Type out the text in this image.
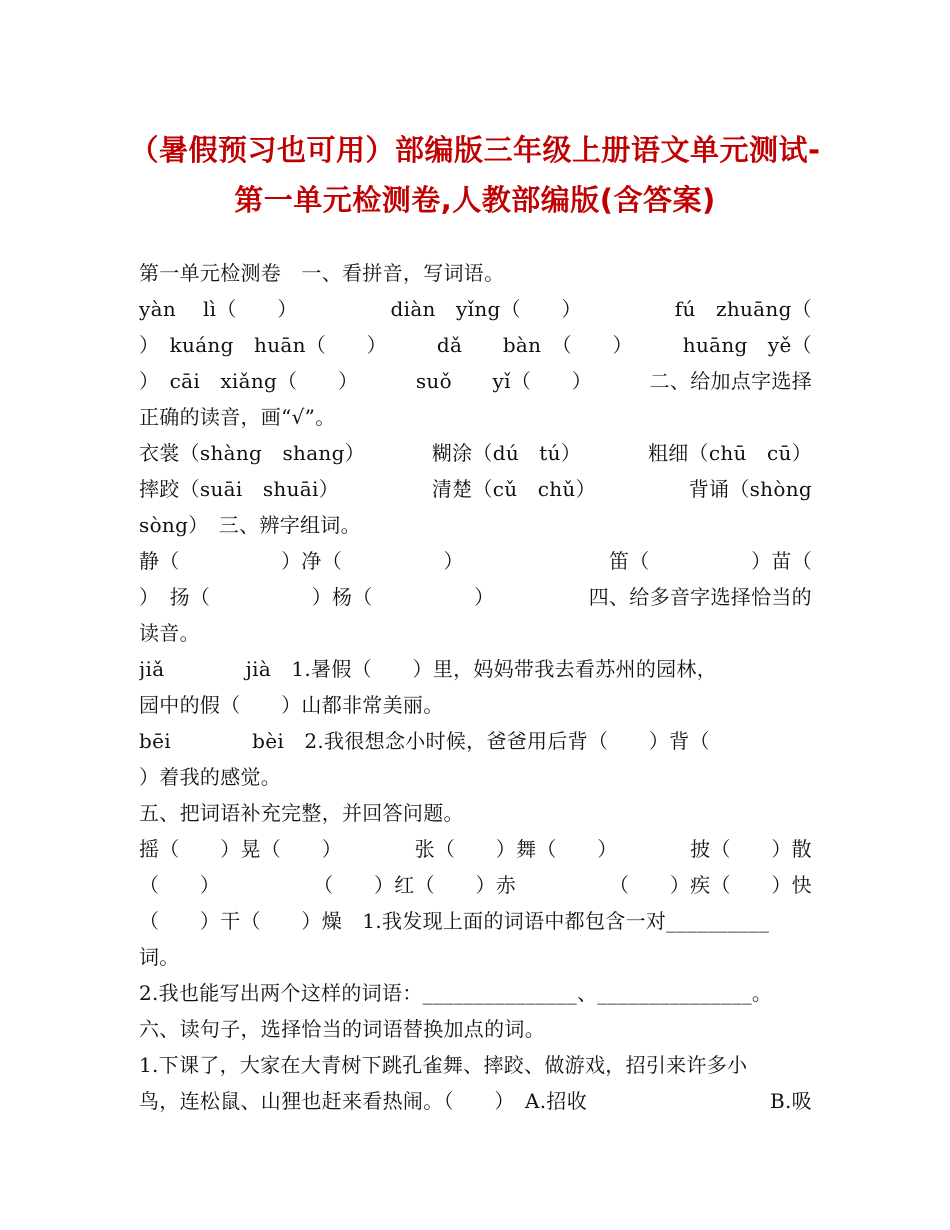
（暑假预习也可用）部编版三年级上册语文单元测试-
第一单元检测卷,人教部编版(含答案)
第一单元检测卷　一、看拼音，写词语。
yàn　 lì（　　）	diàn　yǐng（　　）	fú　zhuāng（
）　kuáng　huān（　　） dǎ　　bàn　（　　） huāng　yě（
）　cāi　xiǎng（　　）	suǒ　　yǐ（　　）	二、给加点字选择
正确的读音，画“√”。
衣裳（shàng　shang）	糊涂（dú　tú）	粗细（chū　cū）
摔跤（suāi　shuāi）	清楚（cǔ　chǔ）	背诵（shòng
sòng）　三、辨字组词。
静（　　　　　）净（　　　　　）	笛（　　　　　）苗（
）　扬（　　　　　）杨（　　　　　）	四、给多音字选择恰当的
读音。
jiǎ　　　　jià　1.暑假（　　）里，妈妈带我去看苏州的园林，
园中的假（　　）山都非常美丽。
bēi　　　　bèi　2.我很想念小时候，爸爸用后背（　　）背（
）着我的感觉。
五、把词语补充完整，并回答问题。
摇（　　）晃（　　）	张（　　）舞（　　）	披（　　）散
（　　）	（　　）红（　　）赤	（　　）疾（　　）快
（　　）干（　　）燥　1.我发现上面的词语中都包含一对__________
词。
2.我也能写出两个这样的词语：_______________、_______________。
六、读句子，选择恰当的词语替换加点的词。
1.下课了，大家在大青树下跳孔雀舞、摔跤、做游戏，招引来许多小
鸟，连松鼠、山狸也赶来看热闹。（　　）　A.招收	B.吸
